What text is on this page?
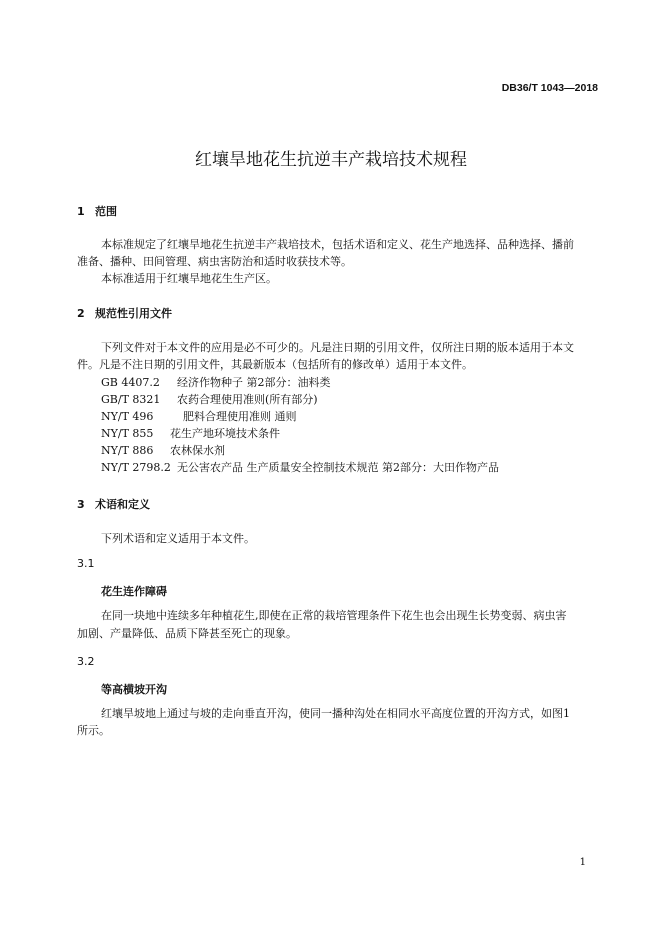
DB36/T 1043—2018
红壤旱地花生抗逆丰产栽培技术规程
1 范围
本标准规定了红壤旱地花生抗逆丰产栽培技术，包括术语和定义、花生产地选择、品种选择、播前
准备、播种、田间管理、病虫害防治和适时收获技术等。
本标准适用于红壤旱地花生生产区。
2 规范性引用文件
下列文件对于本文件的应用是必不可少的。凡是注日期的引用文件，仅所注日期的版本适用于本文
件。凡是不注日期的引用文件，其最新版本（包括所有的修改单）适用于本文件。
GB 4407.2 经济作物种子 第2部分：油料类
GB/T 8321 农药合理使用准则(所有部分)
NY/T 496	肥料合理使用准则 通则
NY/T 855 花生产地环境技术条件
NY/T 886 农林保水剂
NY/T 2798.2 无公害农产品 生产质量安全控制技术规范 第2部分：大田作物产品
3 术语和定义
下列术语和定义适用于本文件。
3.1
花生连作障碍
在同一块地中连续多年种植花生,即使在正常的栽培管理条件下花生也会出现生长势变弱、病虫害
加剧、产量降低、品质下降甚至死亡的现象。
3.2
等高横坡开沟
红壤旱坡地上通过与坡的走向垂直开沟，使同一播种沟处在相同水平高度位置的开沟方式，如图1
所示。
1
